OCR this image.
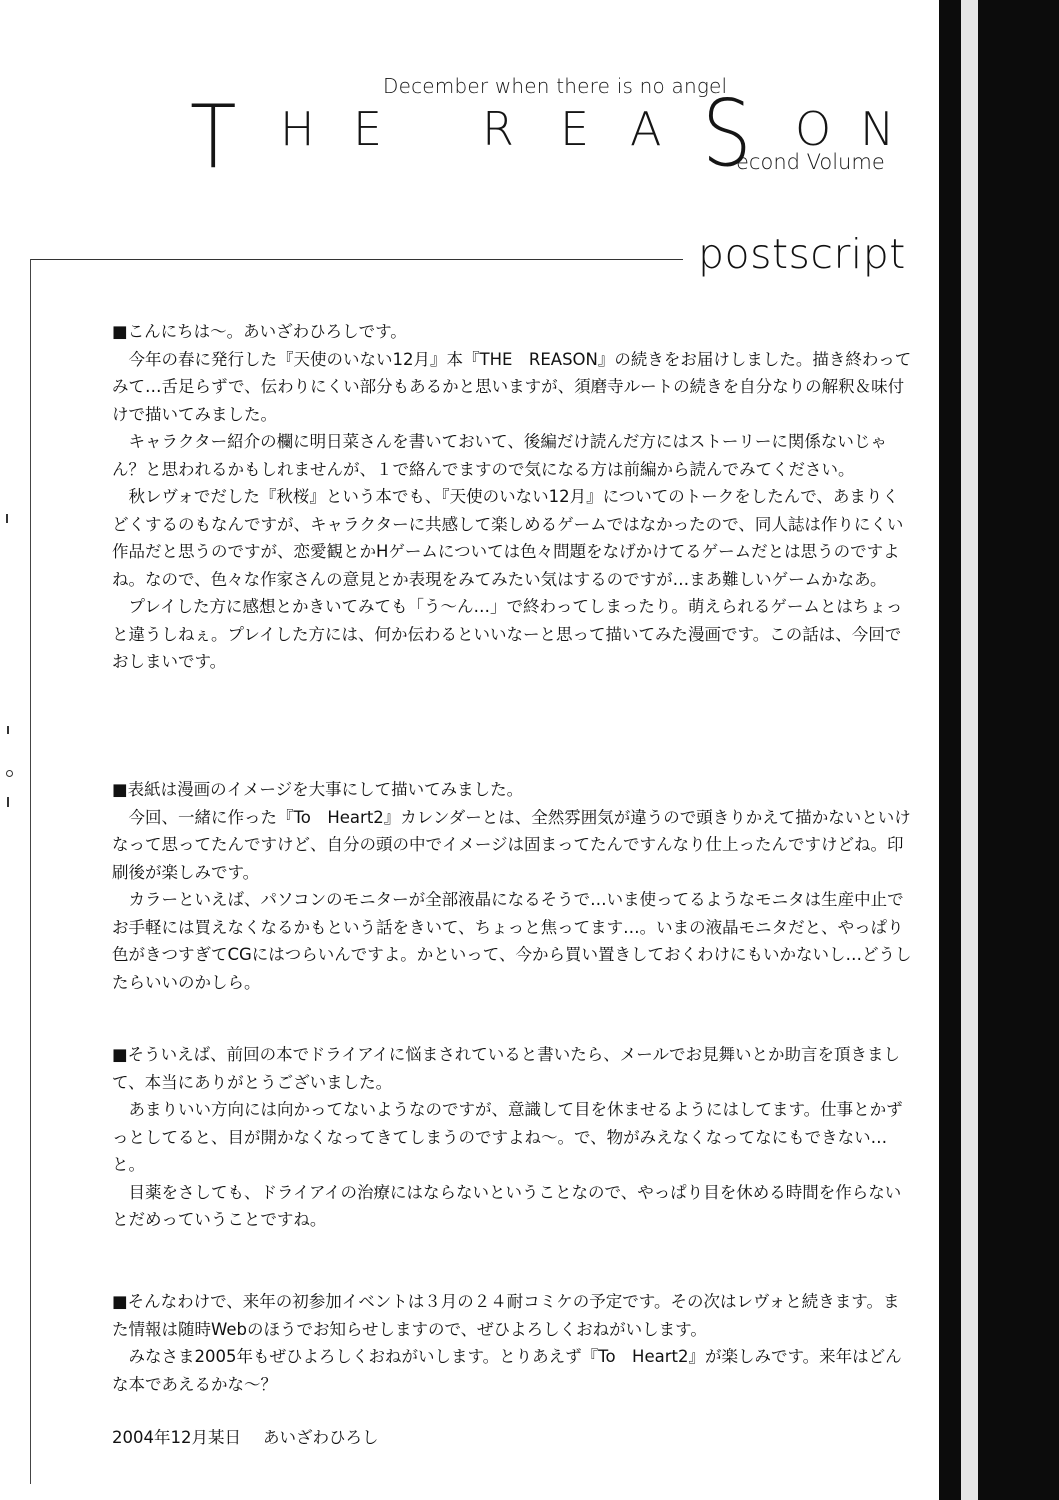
December when there is no angel
T H E R E A S O N
econd Volume
postscript

■こんにちは〜。あいざわひろしです。

　今年の春に発行した『天使のいない12月』本『THE　REASON』の続きをお届けしました。描き終わってみて…舌足らずで、伝わりにくい部分もあるかと思いますが、須磨寺ルートの続きを自分なりの解釈＆味付けで描いてみました。

　キャラクター紹介の欄に明日菜さんを書いておいて、後編だけ読んだ方にはストーリーに関係ないじゃん？と思われるかもしれませんが、１で絡んでますので気になる方は前編から読んでみてください。

　秋レヴォでだした『秋桜』という本でも、『天使のいない12月』についてのトークをしたんで、あまりくどくするのもなんですが、キャラクターに共感して楽しめるゲームではなかったので、同人誌は作りにくい作品だと思うのですが、恋愛観とかHゲームについては色々問題をなげかけてるゲームだとは思うのですよね。なので、色々な作家さんの意見とか表現をみてみたい気はするのですが…まあ難しいゲームかなあ。

　プレイした方に感想とかきいてみても「う〜ん…」で終わってしまったり。萌えられるゲームとはちょっと違うしねぇ。プレイした方には、何か伝わるといいなーと思って描いてみた漫画です。この話は、今回でおしまいです。

■表紙は漫画のイメージを大事にして描いてみました。

　今回、一緒に作った『To　Heart2』カレンダーとは、全然雰囲気が違うので頭きりかえて描かないといけなって思ってたんですけど、自分の頭の中でイメージは固まってたんですんなり仕上ったんですけどね。印刷後が楽しみです。

　カラーといえば、パソコンのモニターが全部液晶になるそうで…いま使ってるようなモニタは生産中止でお手軽には買えなくなるかもという話をきいて、ちょっと焦ってます…。いまの液晶モニタだと、やっぱり色がきつすぎてCGにはつらいんですよ。かといって、今から買い置きしておくわけにもいかないし…どうしたらいいのかしら。

■そういえば、前回の本でドライアイに悩まされていると書いたら、メールでお見舞いとか助言を頂きまして、本当にありがとうございました。

　あまりいい方向には向かってないようなのですが、意識して目を休ませるようにはしてます。仕事とかずっとしてると、目が開かなくなってきてしまうのですよね〜。で、物がみえなくなってなにもできない…と。

　目薬をさしても、ドライアイの治療にはならないということなので、やっぱり目を休める時間を作らないとだめっていうことですね。

■そんなわけで、来年の初参加イベントは３月の２４耐コミケの予定です。その次はレヴォと続きます。また情報は随時Webのほうでお知らせしますので、ぜひよろしくおねがいします。

　みなさま2005年もぜひよろしくおねがいします。とりあえず『To　Heart2』が楽しみです。来年はどんな本であえるかな〜？

2004年12月某日 あいざわひろし
